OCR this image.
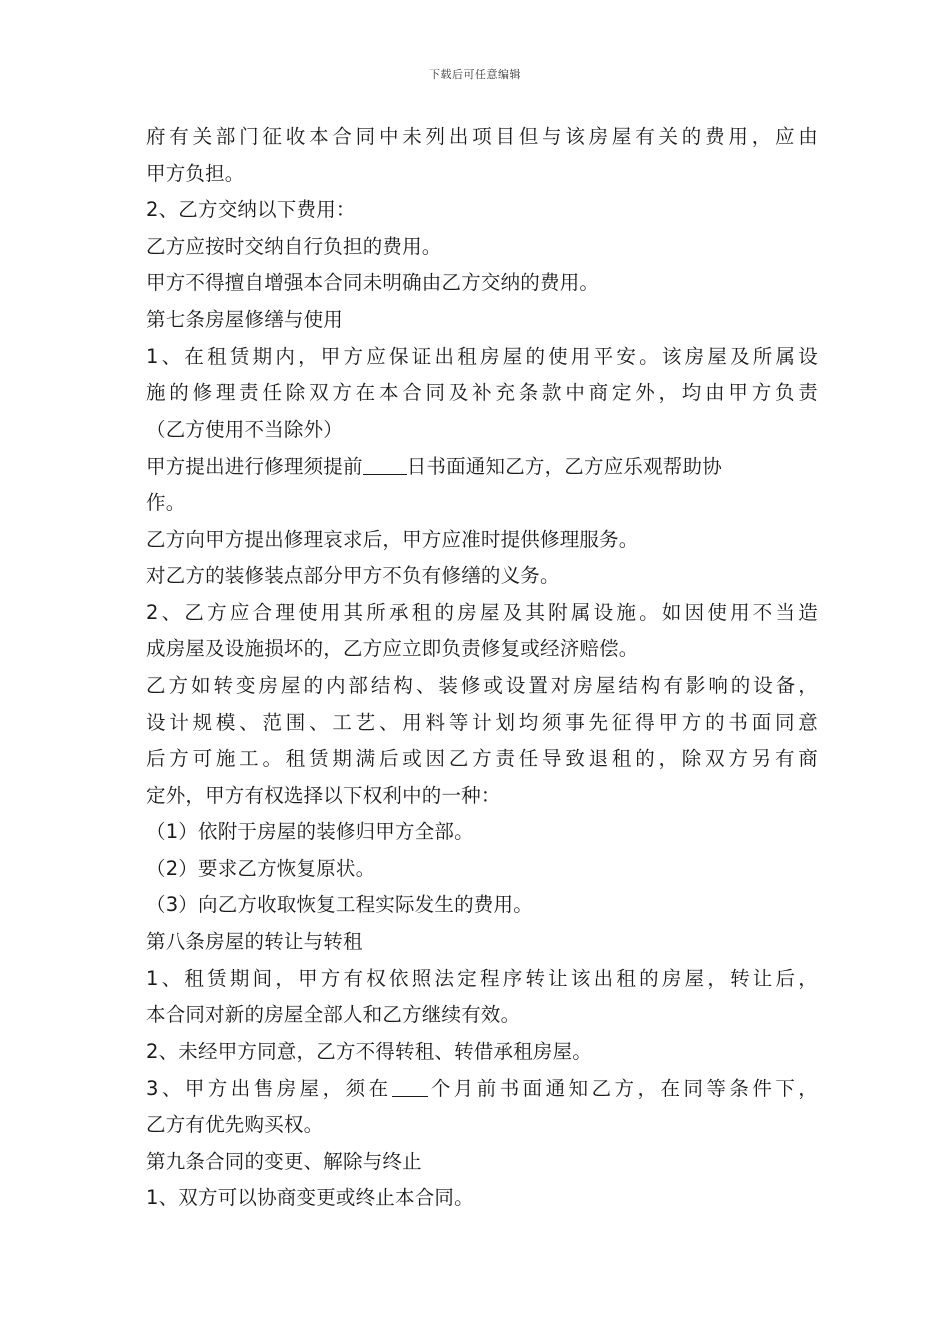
下载后可任意编辑
府有关部门征收本合同中未列出项目但与该房屋有关的费用，应由
甲方负担。
2、乙方交纳以下费用：
乙方应按时交纳自行负担的费用。
甲方不得擅自增强本合同未明确由乙方交纳的费用。
第七条房屋修缮与使用
1、在租赁期内，甲方应保证出租房屋的使用平安。该房屋及所属设
施的修理责任除双方在本合同及补充条款中商定外，均由甲方负责
（乙方使用不当除外）
甲方提出进行修理须提前 日书面通知乙方，乙方应乐观帮助协
作。
乙方向甲方提出修理哀求后，甲方应准时提供修理服务。
对乙方的装修装点部分甲方不负有修缮的义务。
2、乙方应合理使用其所承租的房屋及其附属设施。如因使用不当造
成房屋及设施损坏的，乙方应立即负责修复或经济赔偿。
乙方如转变房屋的内部结构、装修或设置对房屋结构有影响的设备，
设计规模、范围、工艺、用料等计划均须事先征得甲方的书面同意
后方可施工。租赁期满后或因乙方责任导致退租的，除双方另有商
定外，甲方有权选择以下权利中的一种：
（1）依附于房屋的装修归甲方全部。
（2）要求乙方恢复原状。
（3）向乙方收取恢复工程实际发生的费用。
第八条房屋的转让与转租
1、租赁期间，甲方有权依照法定程序转让该出租的房屋，转让后，
本合同对新的房屋全部人和乙方继续有效。
2、未经甲方同意，乙方不得转租、转借承租房屋。
3、甲方出售房屋，须在 个月前书面通知乙方，在同等条件下，
乙方有优先购买权。
第九条合同的变更、解除与终止
1、双方可以协商变更或终止本合同。
